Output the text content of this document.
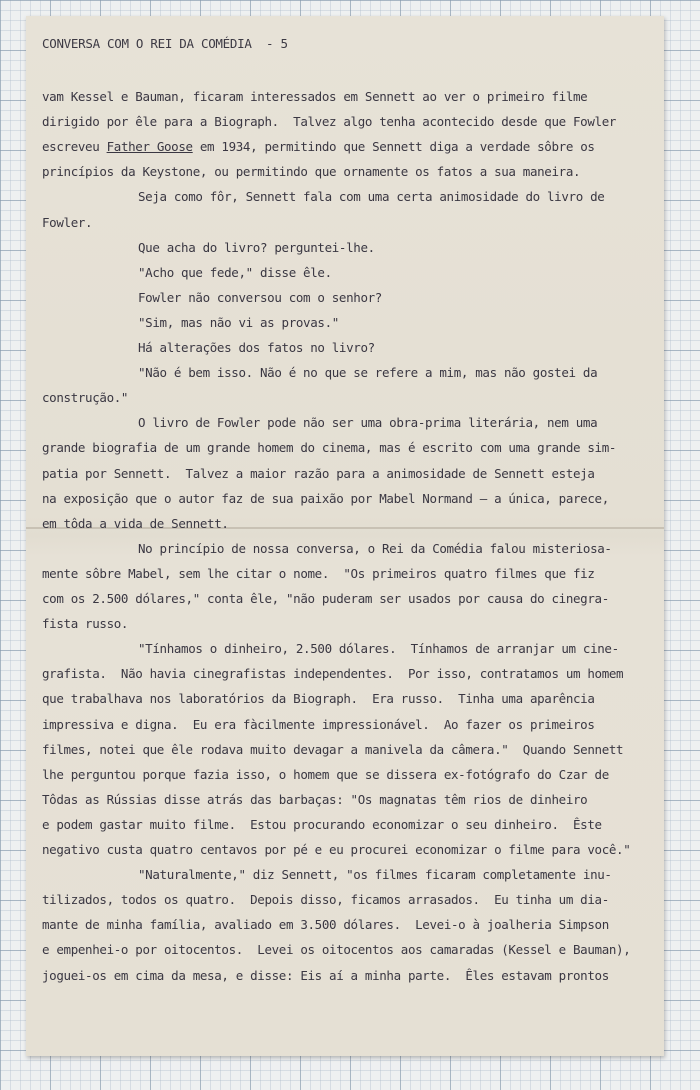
CONVERSA COM O REI DA COMÉDIA  - 5
vam Kessel e Bauman, ficaram interessados em Sennett ao ver o primeiro filme
dirigido por êle para a Biograph.  Talvez algo tenha acontecido desde que Fowler
escreveu Father Goose em 1934, permitindo que Sennett diga a verdade sôbre os
princípios da Keystone, ou permitindo que ornamente os fatos a sua maneira.
Seja como fôr, Sennett fala com uma certa animosidade do livro de
Fowler.
Que acha do livro? perguntei-lhe.
"Acho que fede," disse êle.
Fowler não conversou com o senhor?
"Sim, mas não vi as provas."
Há alterações dos fatos no livro?
"Não é bem isso. Não é no que se refere a mim, mas não gostei da
construção."
O livro de Fowler pode não ser uma obra-prima literária, nem uma
grande biografia de um grande homem do cinema, mas é escrito com uma grande sim-
patia por Sennett.  Talvez a maior razão para a animosidade de Sennett esteja
na exposição que o autor faz de sua paixão por Mabel Normand — a única, parece,
em tôda a vida de Sennett.
No princípio de nossa conversa, o Rei da Comédia falou misteriosa-
mente sôbre Mabel, sem lhe citar o nome.  "Os primeiros quatro filmes que fiz
com os 2.500 dólares," conta êle, "não puderam ser usados por causa do cinegra-
fista russo.
"Tínhamos o dinheiro, 2.500 dólares.  Tínhamos de arranjar um cine-
grafista.  Não havia cinegrafistas independentes.  Por isso, contratamos um homem
que trabalhava nos laboratórios da Biograph.  Era russo.  Tinha uma aparência
impressiva e digna.  Eu era fàcilmente impressionável.  Ao fazer os primeiros
filmes, notei que êle rodava muito devagar a manivela da câmera."  Quando Sennett
lhe perguntou porque fazia isso, o homem que se dissera ex-fotógrafo do Czar de
Tôdas as Rússias disse atrás das barbaças: "Os magnatas têm rios de dinheiro
e podem gastar muito filme.  Estou procurando economizar o seu dinheiro.  Êste
negativo custa quatro centavos por pé e eu procurei economizar o filme para você."
"Naturalmente," diz Sennett, "os filmes ficaram completamente inu-
tilizados, todos os quatro.  Depois disso, ficamos arrasados.  Eu tinha um dia-
mante de minha família, avaliado em 3.500 dólares.  Levei-o à joalheria Simpson
e empenhei-o por oitocentos.  Levei os oitocentos aos camaradas (Kessel e Bauman),
joguei-os em cima da mesa, e disse: Eis aí a minha parte.  Êles estavam prontos
